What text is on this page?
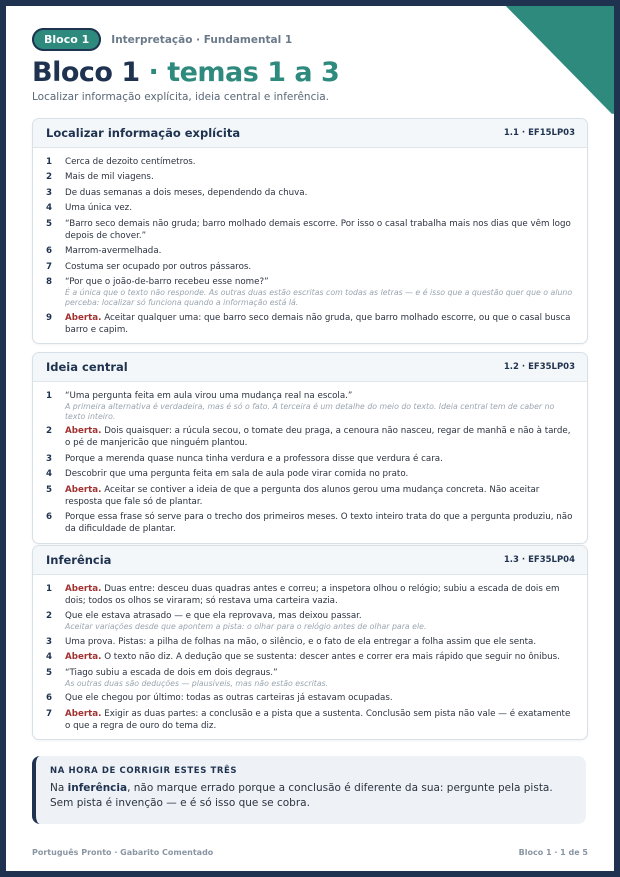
Bloco 1	Interpretação · Fundamental 1
Bloco 1 · temas 1 a 3
Localizar informação explícita, ideia central e inferência.
Localizar informação explícita	1.1 · EF15LP03
1	Cerca de dezoito centímetros.
2	Mais de mil viagens.
3	De duas semanas a dois meses, dependendo da chuva.
4	Uma única vez.
5	“Barro seco demais não gruda; barro molhado demais escorre. Por isso o casal trabalha mais nos dias que vêm logo depois de chover.”
6	Marrom-avermelhada.
7	Costuma ser ocupado por outros pássaros.
8	“Por que o joão-de-barro recebeu esse nome?”
É a única que o texto não responde. As outras duas estão escritas com todas as letras — e é isso que a questão quer que o aluno perceba: localizar só funciona quando a informação está lá.
9	Aberta. Aceitar qualquer uma: que barro seco demais não gruda, que barro molhado escorre, ou que o casal busca barro e capim.
Ideia central	1.2 · EF35LP03
1	“Uma pergunta feita em aula virou uma mudança real na escola.”
A primeira alternativa é verdadeira, mas é só o fato. A terceira é um detalhe do meio do texto. Ideia central tem de caber no texto inteiro.
2	Aberta. Dois quaisquer: a rúcula secou, o tomate deu praga, a cenoura não nasceu, regar de manhã e não à tarde, o pé de manjericão que ninguém plantou.
3	Porque a merenda quase nunca tinha verdura e a professora disse que verdura é cara.
4	Descobrir que uma pergunta feita em sala de aula pode virar comida no prato.
5	Aberta. Aceitar se contiver a ideia de que a pergunta dos alunos gerou uma mudança concreta. Não aceitar resposta que fale só de plantar.
6	Porque essa frase só serve para o trecho dos primeiros meses. O texto inteiro trata do que a pergunta produziu, não da dificuldade de plantar.
Inferência	1.3 · EF35LP04
1	Aberta. Duas entre: desceu duas quadras antes e correu; a inspetora olhou o relógio; subiu a escada de dois em dois; todos os olhos se viraram; só restava uma carteira vazia.
2	Que ele estava atrasado — e que ela reprovava, mas deixou passar.
Aceitar variações desde que apontem a pista: o olhar para o relógio antes de olhar para ele.
3	Uma prova. Pistas: a pilha de folhas na mão, o silêncio, e o fato de ela entregar a folha assim que ele senta.
4	Aberta. O texto não diz. A dedução que se sustenta: descer antes e correr era mais rápido que seguir no ônibus.
5	“Tiago subiu a escada de dois em dois degraus.”
As outras duas são deduções — plausíveis, mas não estão escritas.
6	Que ele chegou por último: todas as outras carteiras já estavam ocupadas.
7	Aberta. Exigir as duas partes: a conclusão e a pista que a sustenta. Conclusão sem pista não vale — é exatamente o que a regra de ouro do tema diz.
NA HORA DE CORRIGIR ESTES TRÊS
Na inferência, não marque errado porque a conclusão é diferente da sua: pergunte pela pista. Sem pista é invenção — e é só isso que se cobra.
Português Pronto · Gabarito Comentado	Bloco 1 · 1 de 5
